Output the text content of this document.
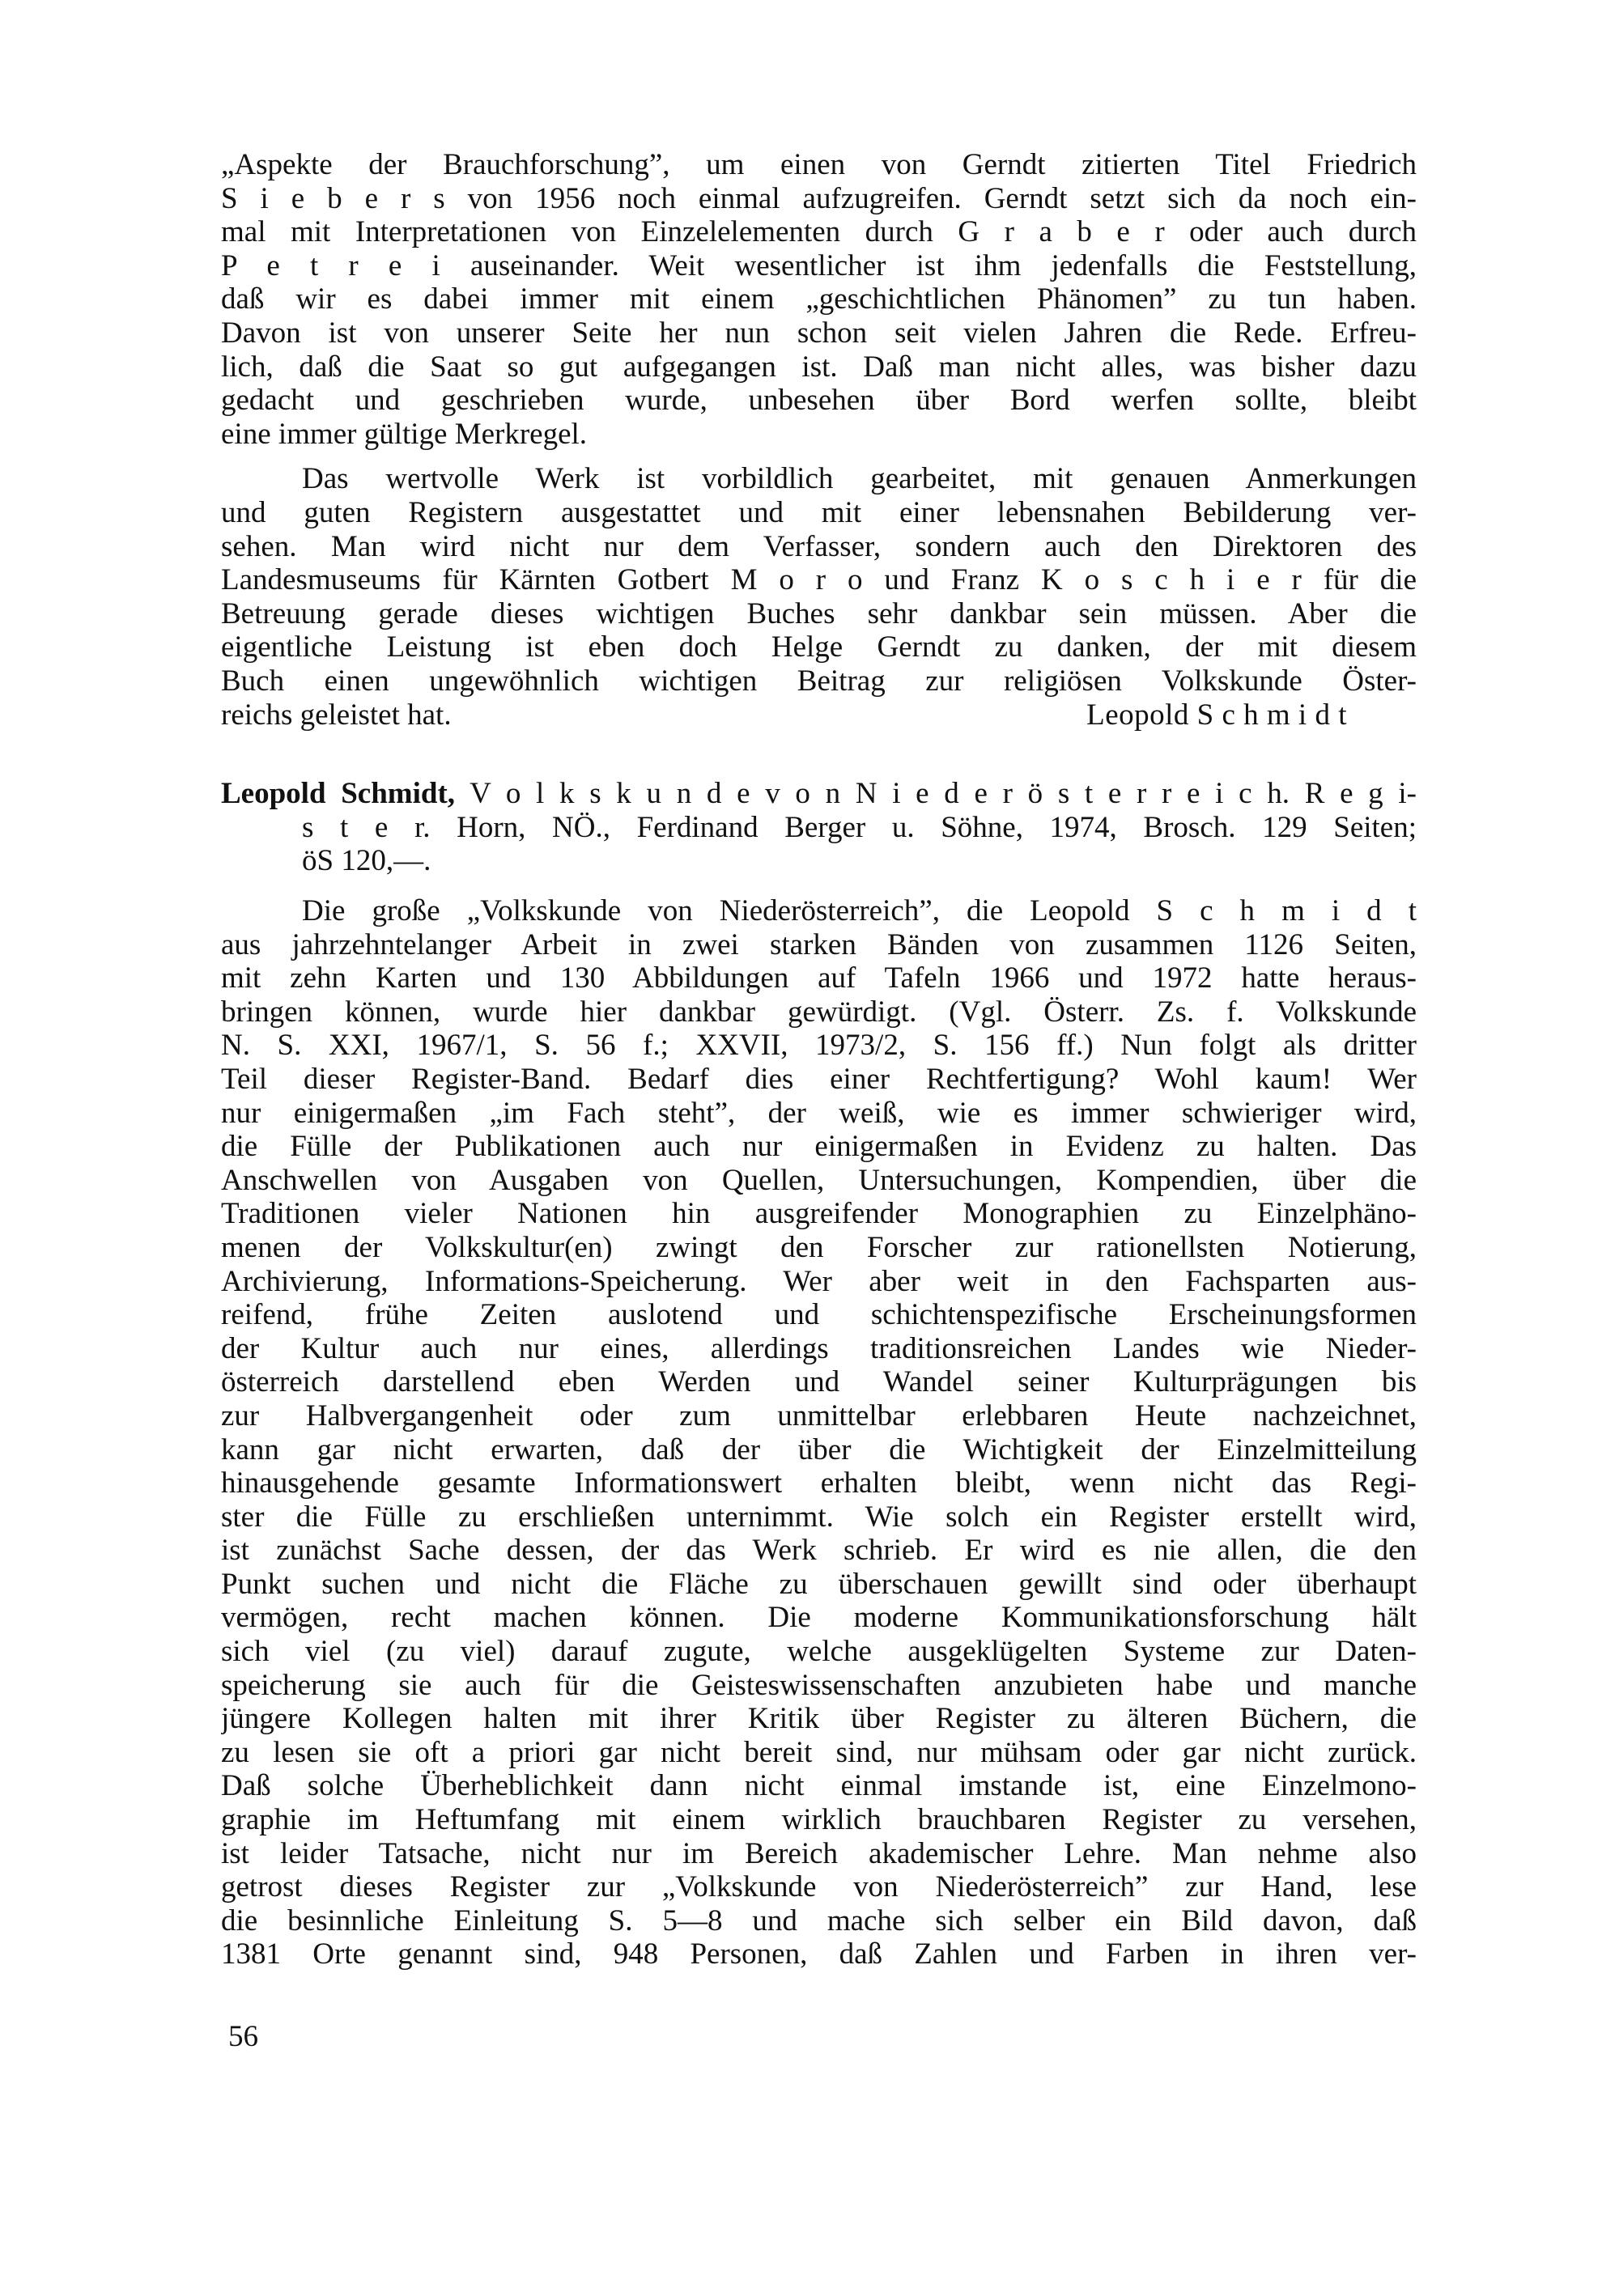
„Aspekte der Brauchforschung”, um einen von Gerndt zitierten Titel Friedrich
S i e b e r s von 1956 noch einmal aufzugreifen. Gerndt setzt sich da noch ein-
mal mit Interpretationen von Einzelelementen durch G r a b e r oder auch durch
P e t r e i auseinander. Weit wesentlicher ist ihm jedenfalls die Feststellung,
daß wir es dabei immer mit einem „geschichtlichen Phänomen” zu tun haben.
Davon ist von unserer Seite her nun schon seit vielen Jahren die Rede. Erfreu-
lich, daß die Saat so gut aufgegangen ist. Daß man nicht alles, was bisher dazu
gedacht und geschrieben wurde, unbesehen über Bord werfen sollte, bleibt
eine immer gültige Merkregel.
Das wertvolle Werk ist vorbildlich gearbeitet, mit genauen Anmerkungen
und guten Registern ausgestattet und mit einer lebensnahen Bebilderung ver-
sehen. Man wird nicht nur dem Verfasser, sondern auch den Direktoren des
Landesmuseums für Kärnten Gotbert M o r o und Franz K o s c h i e r für die
Betreuung gerade dieses wichtigen Buches sehr dankbar sein müssen. Aber die
eigentliche Leistung ist eben doch Helge Gerndt zu danken, der mit diesem
Buch einen ungewöhnlich wichtigen Beitrag zur religiösen Volkskunde Öster-
reichs geleistet hat.	Leopold S c h m i d t
Leopold Schmidt, V o l k s k u n d e v o n N i e d e r ö s t e r r e i c h. R e g i-
s t e r. Horn, NÖ., Ferdinand Berger u. Söhne, 1974, Brosch. 129 Seiten;
öS 120,—.
Die große „Volkskunde von Niederösterreich”, die Leopold S c h m i d t
aus jahrzehntelanger Arbeit in zwei starken Bänden von zusammen 1126 Seiten,
mit zehn Karten und 130 Abbildungen auf Tafeln 1966 und 1972 hatte heraus-
bringen können, wurde hier dankbar gewürdigt. (Vgl. Österr. Zs. f. Volkskunde
N. S. XXI, 1967/1, S. 56 f.; XXVII, 1973/2, S. 156 ff.) Nun folgt als dritter
Teil dieser Register-Band. Bedarf dies einer Rechtfertigung? Wohl kaum! Wer
nur einigermaßen „im Fach steht”, der weiß, wie es immer schwieriger wird,
die Fülle der Publikationen auch nur einigermaßen in Evidenz zu halten. Das
Anschwellen von Ausgaben von Quellen, Untersuchungen, Kompendien, über die
Traditionen vieler Nationen hin ausgreifender Monographien zu Einzelphäno-
menen der Volkskultur(en) zwingt den Forscher zur rationellsten Notierung,
Archivierung, Informations-Speicherung. Wer aber weit in den Fachsparten aus-
reifend, frühe Zeiten auslotend und schichtenspezifische Erscheinungsformen
der Kultur auch nur eines, allerdings traditionsreichen Landes wie Nieder-
österreich darstellend eben Werden und Wandel seiner Kulturprägungen bis
zur Halbvergangenheit oder zum unmittelbar erlebbaren Heute nachzeichnet,
kann gar nicht erwarten, daß der über die Wichtigkeit der Einzelmitteilung
hinausgehende gesamte Informationswert erhalten bleibt, wenn nicht das Regi-
ster die Fülle zu erschließen unternimmt. Wie solch ein Register erstellt wird,
ist zunächst Sache dessen, der das Werk schrieb. Er wird es nie allen, die den
Punkt suchen und nicht die Fläche zu überschauen gewillt sind oder überhaupt
vermögen, recht machen können. Die moderne Kommunikationsforschung hält
sich viel (zu viel) darauf zugute, welche ausgeklügelten Systeme zur Daten-
speicherung sie auch für die Geisteswissenschaften anzubieten habe und manche
jüngere Kollegen halten mit ihrer Kritik über Register zu älteren Büchern, die
zu lesen sie oft a priori gar nicht bereit sind, nur mühsam oder gar nicht zurück.
Daß solche Überheblichkeit dann nicht einmal imstande ist, eine Einzelmono-
graphie im Heftumfang mit einem wirklich brauchbaren Register zu versehen,
ist leider Tatsache, nicht nur im Bereich akademischer Lehre. Man nehme also
getrost dieses Register zur „Volkskunde von Niederösterreich” zur Hand, lese
die besinnliche Einleitung S. 5—8 und mache sich selber ein Bild davon, daß
1381 Orte genannt sind, 948 Personen, daß Zahlen und Farben in ihren ver-
56
